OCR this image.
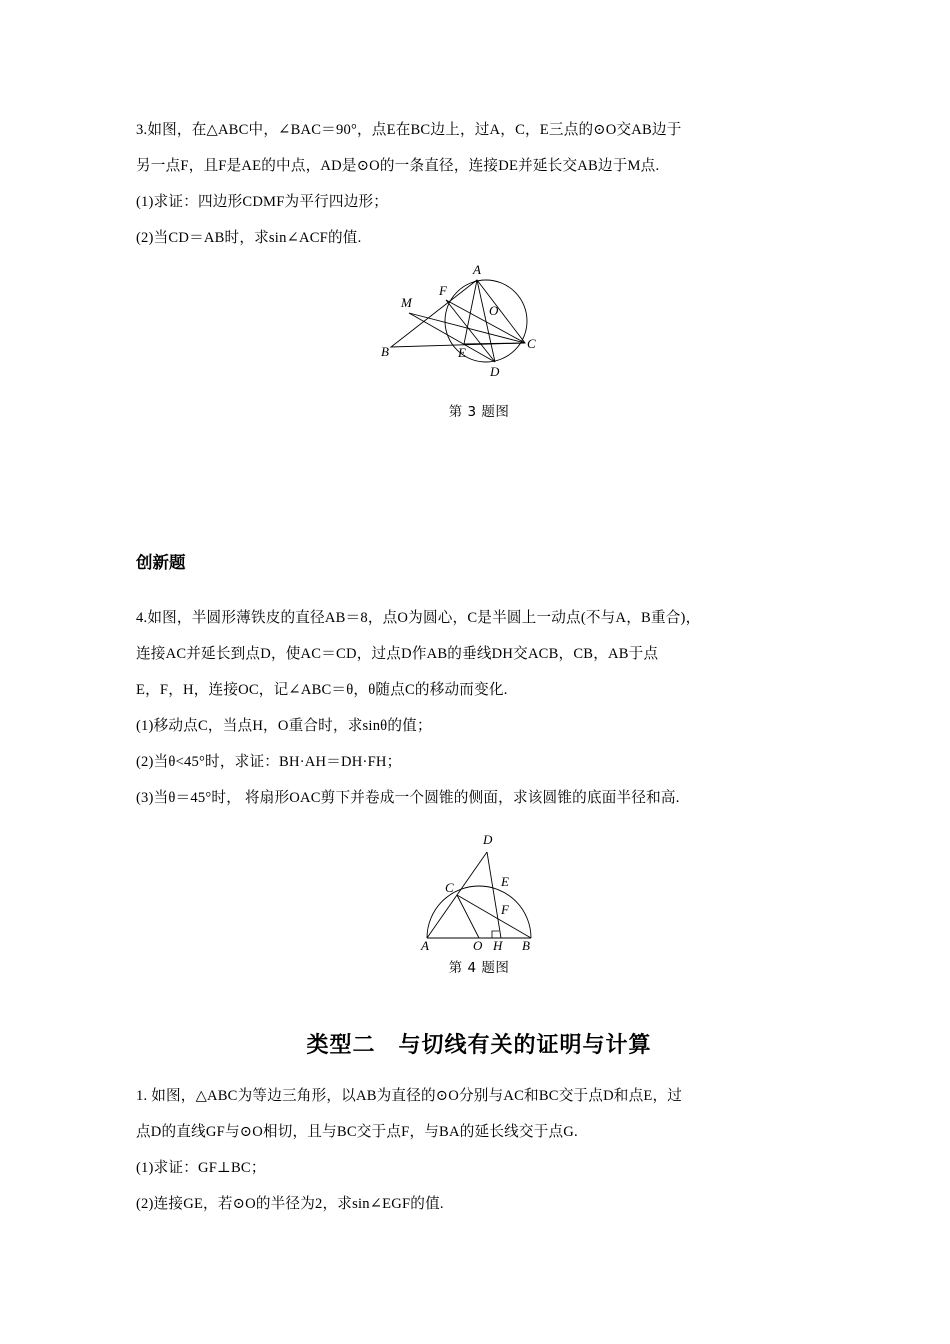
3.如图，在△ABC中，∠BAC＝90°，点E在BC边上，过A，C，E三点的⊙O交AB边于

另一点F，且F是AE的中点，AD是⊙O的一条直径，连接DE并延长交AB边于M点.

(1)求证：四边形CDMF为平行四边形；

(2)当CD＝AB时，求sin∠ACF的值.

A
F
O
M
B	E
C
D

第 3 题图

创新题

4.如图，半圆形薄铁皮的直径AB＝8，点O为圆心，C是半圆上一动点(不与A，B重合)，

连接AC并延长到点D，使AC＝CD，过点D作AB的垂线DH交ACB，CB，AB于点

E，F，H，连接OC，记∠ABC＝θ，θ随点C的移动而变化.

(1)移动点C，当点H，O重合时，求sinθ的值；

(2)当θ<45°时，求证：BH·AH＝DH·FH；

(3)当θ＝45°时， 将扇形OAC剪下并卷成一个圆锥的侧面，求该圆锥的底面半径和高.

D
C	E
F
A	O H B

第 4 题图

类型二　与切线有关的证明与计算

1. 如图，△ABC为等边三角形，以AB为直径的⊙O分别与AC和BC交于点D和点E，过

点D的直线GF与⊙O相切，且与BC交于点F，与BA的延长线交于点G.

(1)求证：GF⊥BC；

(2)连接GE，若⊙O的半径为2，求sin∠EGF的值.
